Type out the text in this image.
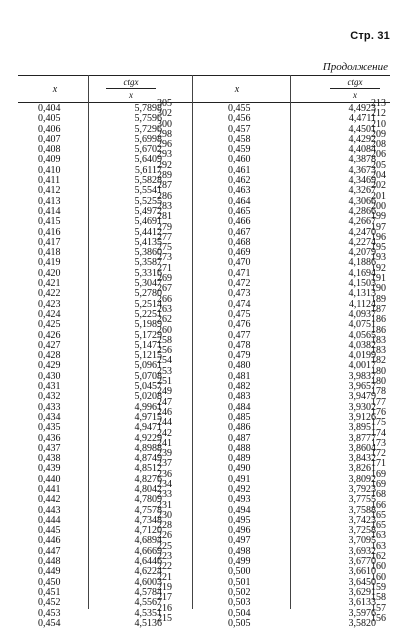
Стр. 31
Продолжение
x
ctgx
x	x
ctgx
x
0,404
0,405
0,406
0,407
0,408
0,409
0,410
0,411
0,412
0,413
0,414
0,415
0,416
0,417
0,418
0,419
0,420
0,421
0,422
0,423
0,424
0,425
0,426
0,427
0,428
0,429
0,430
0,431
0,432
0,433
0,434
0,435
0,436
0,437
0,438
0,439
0,440
0,441
0,442
0,443
0,444
0,445
0,446
0,447
0,448
0,449
0,450
0,451
0,452
0,453
0,454
5,7898
5,7596
5,7296
5,6998
5,6702
5,6409
5,6117
5,5828
5,5541
5,5255
5,4972
5,4691
5,4412
5,4135
5,3860
5,3587
5,3316
5,3047
5,2780
5,2514
5,2251
5,1989
5,1729
5,1471
5,1215
5,0961
5,0708
5,0457
5,0208
4,9961
4,9715
4,9471
4,9229
4,8988
4,8749
4,8512
4,8276
4,8042
4,7809
4,7578
4,7348
4,7120
4,6894
4,6669
4,6446
4,6224
4,6003
4,5784
4,5567
4,5351
4,5136
305
302
300
298
296
293
292
289
287
286
283
281
279
277
275
273
271
269
267
266
263
262
260
258
256
254
253
251
249
247
246
244
242
241
239
237
236
234
233
231
230
228
226
225
223
222
221
219
217
216
215
0,455
0,456
0,457
0,458
0,459
0,460
0,461
0,462
0,463
0,464
0,465
0,466
0,467
0,468
0,469
0,470
0,471
0,472
0,473
0,474
0,475
0,476
0,477
0,478
0,479
0,480
0,481
0,482
0,483
0,484
0,485
0,486
0,487
0,488
0,489
0,490
0,491
0,492
0,493
0,494
0,495
0,496
0,497
0,498
0,499
0,500
0,501
0,502
0,503
0,504
0,505
4,4923
4,4711
4,4501
4,4292
4,4084
4,3878
4,3673
4,3469
4,3267
4,3066
4,2866
4,2667
4,2470
4,2274
4,2079
4,1886
4,1694
4,1503
4,1313
4,1124
4,0937
4,0751
4,0565
4,0382
4,0199
4,0017
3,9837
3,9657
3,9479
3,9302
3,9126
3,8951
3,8777
3,8604
3,8432
3,8261
3,8092
3,7923
3,7755
3,7588
3,7423
3,7258
3,7095
3,6932
3,6770
3,6610
3,6450
3,6291
3,6133
3,5976
3,5820
213
212
210
209
208
206
205
204
202
201
200
199
197
196
195
193
192
191
190
189
187
186
186
183
183
182
180
180
178
177
176
175
174
173
172
171
169
169
168
166
165
165
163
163
162
160
160
159
158
157
156
